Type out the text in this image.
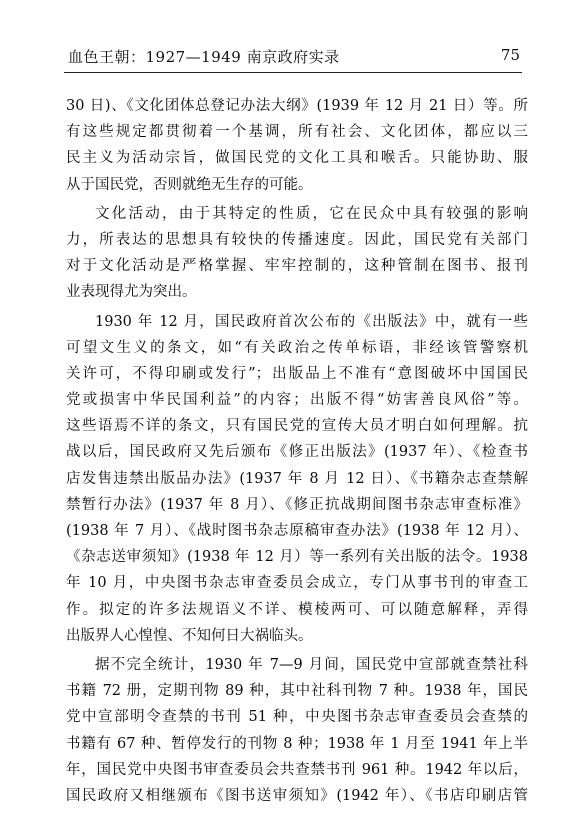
血色王朝：1927—1949 南京政府实录	75
30 日)、《文化团体总登记办法大纲》(1939 年 12 月 21 日）等。所
有这些规定都贯彻着一个基调，所有社会、文化团体，都应以三
民主义为活动宗旨，做国民党的文化工具和喉舌。只能协助、服
从于国民党，否则就绝无生存的可能。
文化活动，由于其特定的性质，它在民众中具有较强的影响
力，所表达的思想具有较快的传播速度。因此，国民党有关部门
对于文化活动是严格掌握、牢牢控制的，这种管制在图书、报刊
业表现得尤为突出。
1930 年 12 月，国民政府首次公布的《出版法》中，就有一些
可望文生义的条文，如“有关政治之传单标语，非经该管警察机
关许可，不得印刷或发行”；出版品上不准有“意图破坏中国国民
党或损害中华民国利益”的内容；出版不得“妨害善良风俗”等。
这些语焉不详的条文，只有国民党的宣传大员才明白如何理解。抗
战以后，国民政府又先后颁布《修正出版法》(1937 年）、《检查书
店发售违禁出版品办法》(1937 年 8 月 12 日）、《书籍杂志查禁解
禁暂行办法》(1937 年 8 月）、《修正抗战期间图书杂志审查标准》
(1938 年 7 月）、《战时图书杂志原稿审查办法》(1938 年 12 月）、
《杂志送审须知》(1938 年 12 月）等一系列有关出版的法令。1938
年 10 月，中央图书杂志审查委员会成立，专门从事书刊的审查工
作。拟定的许多法规语义不详、模棱两可、可以随意解释，弄得
出版界人心惶惶、不知何日大祸临头。
据不完全统计，1930 年 7—9 月间，国民党中宣部就查禁社科
书籍 72 册，定期刊物 89 种，其中社科刊物 7 种。1938 年，国民
党中宣部明令查禁的书刊 51 种，中央图书杂志审查委员会查禁的
书籍有 67 种、暂停发行的刊物 8 种；1938 年 1 月至 1941 年上半
年，国民党中央图书审查委员会共查禁书刊 961 种。1942 年以后，
国民政府又相继颁布《图书送审须知》(1942 年）、《书店印刷店管
